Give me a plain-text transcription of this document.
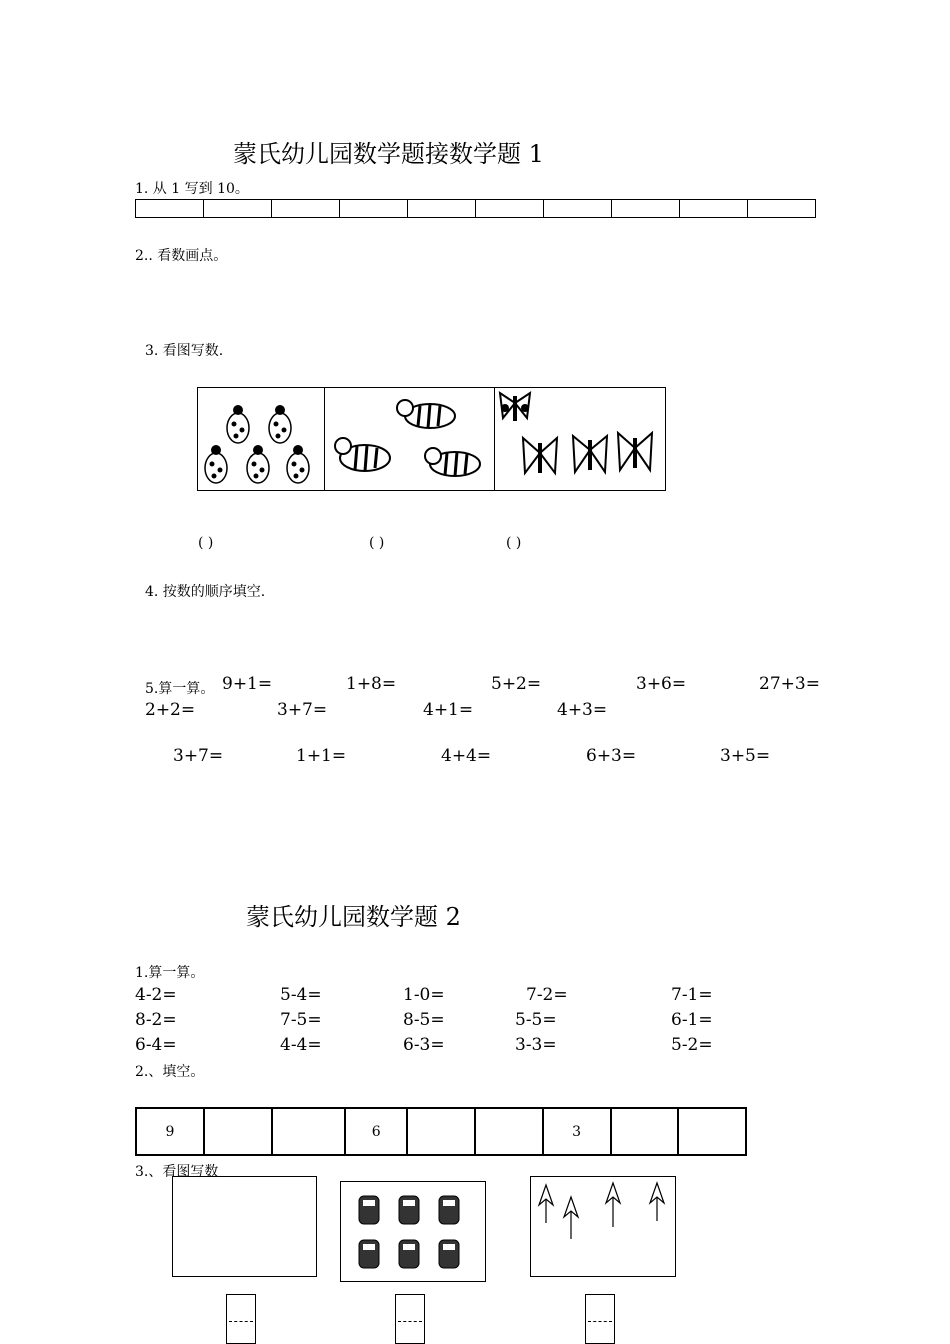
蒙氏幼儿园数学题接数学题 1
1. 从 1 写到 10。

2.. 看数画点。
3. 看图写数.
( )	( )	( )
4. 按数的顺序填空.
5.算一算。 9+1=	1+8=	5+2=	3+6=	27+3=
2+2=	3+7=	4+1=	4+3=
3+7=	1+1=	4+4=	6+3=	3+5=
蒙氏幼儿园数学题 2
1.算一算。
4-2=	5-4=	1-0=	7-2=	7-1=
8-2=	7-5=	8-5=	5-5=	6-1=
6-4=	4-4=	6-3=	3-3=	5-2=
2.、填空。
9			6			3		
3.、看图写数
